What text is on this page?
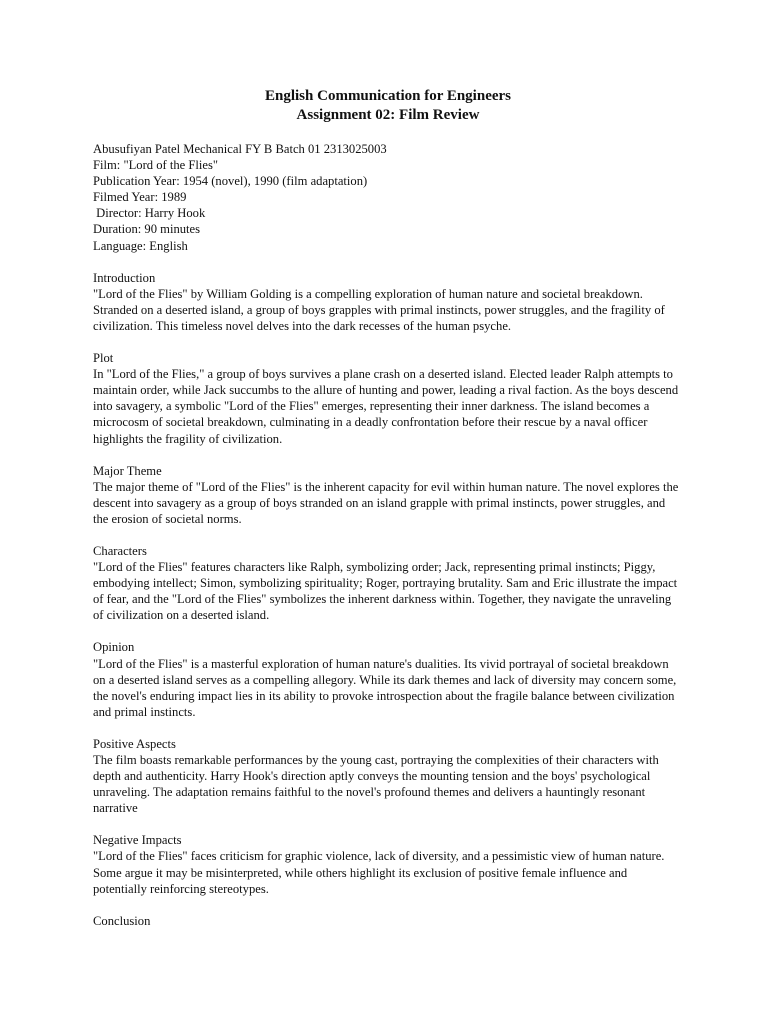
English Communication for Engineers
Assignment 02: Film Review
Abusufiyan Patel Mechanical FY B Batch 01 2313025003
Film: "Lord of the Flies"
Publication Year: 1954 (novel), 1990 (film adaptation)
Filmed Year: 1989
Director: Harry Hook
Duration: 90 minutes
Language: English
Introduction
"Lord of the Flies" by William Golding is a compelling exploration of human nature and societal breakdown. Stranded on a deserted island, a group of boys grapples with primal instincts, power struggles, and the fragility of civilization. This timeless novel delves into the dark recesses of the human psyche.
Plot
In "Lord of the Flies," a group of boys survives a plane crash on a deserted island. Elected leader Ralph attempts to maintain order, while Jack succumbs to the allure of hunting and power, leading a rival faction. As the boys descend into savagery, a symbolic "Lord of the Flies" emerges, representing their inner darkness. The island becomes a microcosm of societal breakdown, culminating in a deadly confrontation before their rescue by a naval officer highlights the fragility of civilization.
Major Theme
The major theme of "Lord of the Flies" is the inherent capacity for evil within human nature. The novel explores the descent into savagery as a group of boys stranded on an island grapple with primal instincts, power struggles, and the erosion of societal norms.
Characters
"Lord of the Flies" features characters like Ralph, symbolizing order; Jack, representing primal instincts; Piggy, embodying intellect; Simon, symbolizing spirituality; Roger, portraying brutality. Sam and Eric illustrate the impact of fear, and the "Lord of the Flies" symbolizes the inherent darkness within. Together, they navigate the unraveling of civilization on a deserted island.
Opinion
"Lord of the Flies" is a masterful exploration of human nature's dualities. Its vivid portrayal of societal breakdown on a deserted island serves as a compelling allegory. While its dark themes and lack of diversity may concern some, the novel's enduring impact lies in its ability to provoke introspection about the fragile balance between civilization and primal instincts.
Positive Aspects
The film boasts remarkable performances by the young cast, portraying the complexities of their characters with depth and authenticity. Harry Hook's direction aptly conveys the mounting tension and the boys' psychological unraveling. The adaptation remains faithful to the novel's profound themes and delivers a hauntingly resonant narrative
Negative Impacts
"Lord of the Flies" faces criticism for graphic violence, lack of diversity, and a pessimistic view of human nature. Some argue it may be misinterpreted, while others highlight its exclusion of positive female influence and potentially reinforcing stereotypes.
Conclusion
